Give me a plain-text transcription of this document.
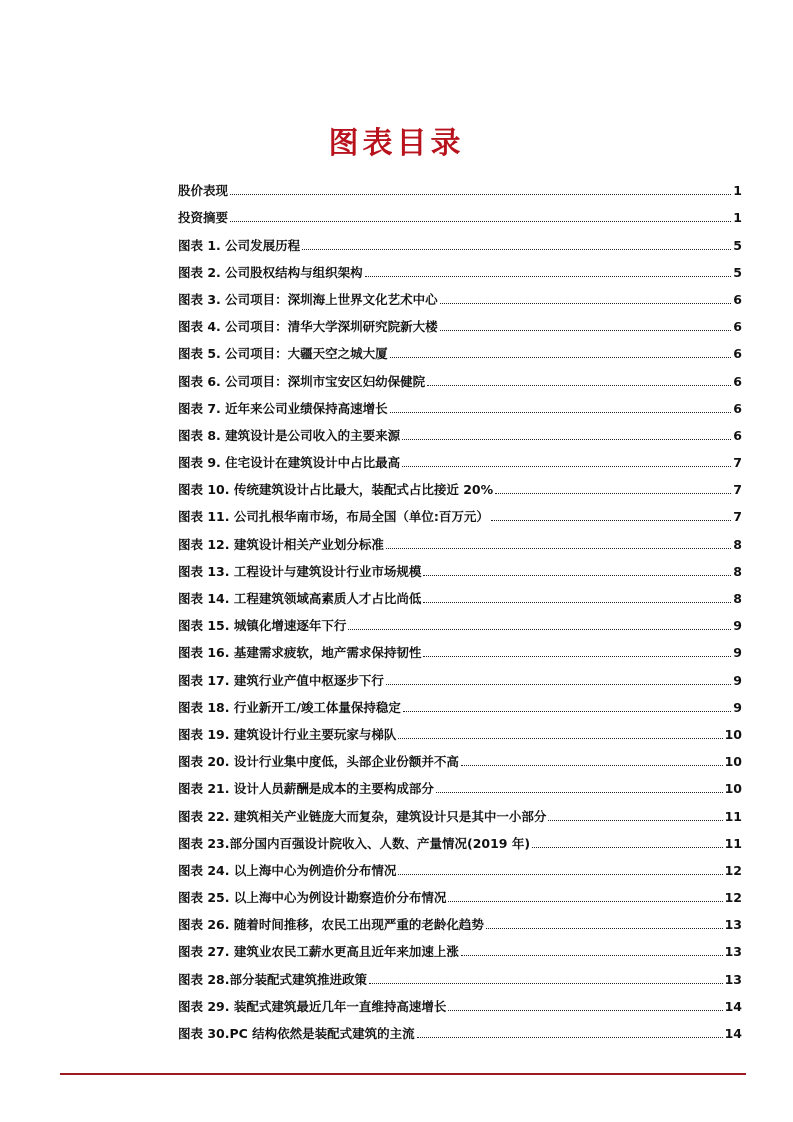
图表目录
股价表现	1
投资摘要	1
图表 1. 公司发展历程	5
图表 2. 公司股权结构与组织架构	5
图表 3. 公司项目：深圳海上世界文化艺术中心	6
图表 4. 公司项目：清华大学深圳研究院新大楼	6
图表 5. 公司项目：大疆天空之城大厦	6
图表 6. 公司项目：深圳市宝安区妇幼保健院	6
图表 7. 近年来公司业绩保持高速增长	6
图表 8. 建筑设计是公司收入的主要来源	6
图表 9. 住宅设计在建筑设计中占比最高	7
图表 10. 传统建筑设计占比最大，装配式占比接近 20%	7
图表 11. 公司扎根华南市场，布局全国（单位:百万元）	7
图表 12. 建筑设计相关产业划分标准	8
图表 13. 工程设计与建筑设计行业市场规模	8
图表 14. 工程建筑领域高素质人才占比尚低	8
图表 15. 城镇化增速逐年下行	9
图表 16. 基建需求疲软，地产需求保持韧性	9
图表 17. 建筑行业产值中枢逐步下行	9
图表 18. 行业新开工/竣工体量保持稳定	9
图表 19. 建筑设计行业主要玩家与梯队	10
图表 20. 设计行业集中度低，头部企业份额并不高	10
图表 21. 设计人员薪酬是成本的主要构成部分	10
图表 22. 建筑相关产业链庞大而复杂，建筑设计只是其中一小部分	11
图表 23.部分国内百强设计院收入、人数、产量情况(2019 年)	11
图表 24. 以上海中心为例造价分布情况	12
图表 25. 以上海中心为例设计勘察造价分布情况	12
图表 26. 随着时间推移，农民工出现严重的老龄化趋势	13
图表 27. 建筑业农民工薪水更高且近年来加速上涨	13
图表 28.部分装配式建筑推进政策	13
图表 29. 装配式建筑最近几年一直维持高速增长	14
图表 30.PC 结构依然是装配式建筑的主流	14
